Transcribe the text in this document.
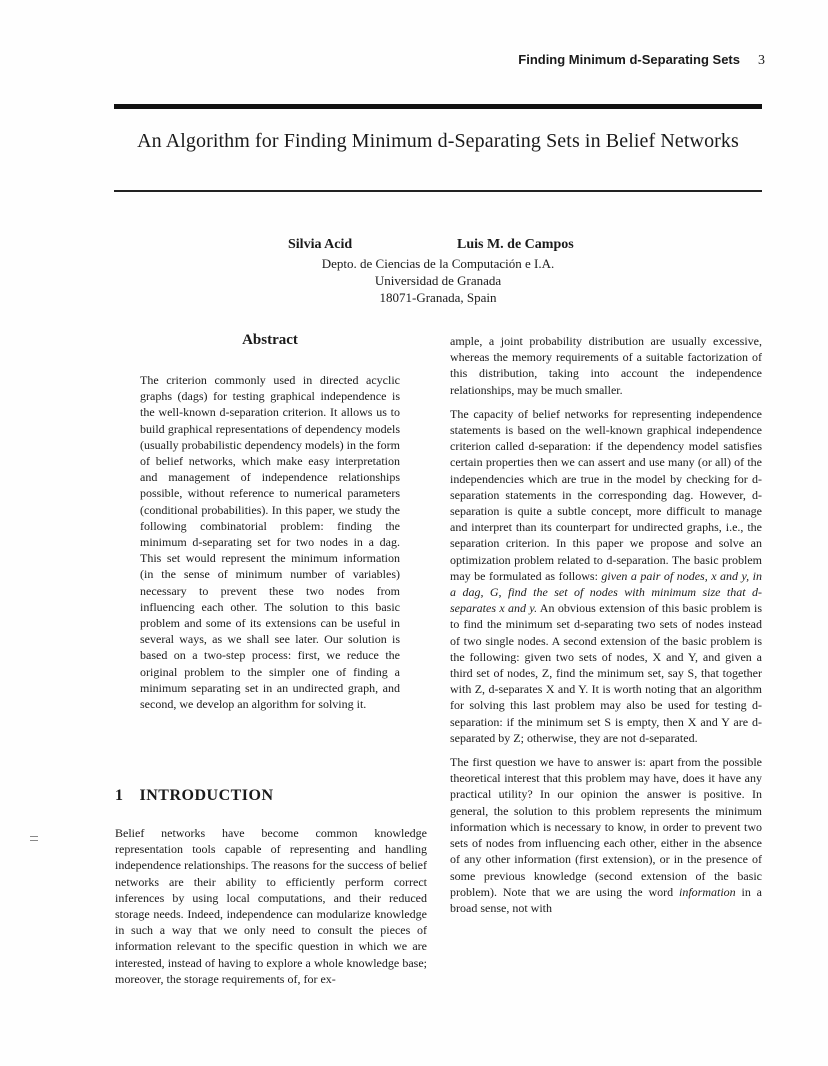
Finding Minimum d-Separating Sets 3
An Algorithm for Finding Minimum d-Separating Sets in Belief Networks
Silvia Acid	Luis M. de Campos
Depto. de Ciencias de la Computación e I.A.
Universidad de Granada
18071-Granada, Spain
Abstract
The criterion commonly used in directed acyclic graphs (dags) for testing graphical independence is the well-known d-separation criterion. It allows us to build graphical representations of dependency models (usually probabilistic dependency models) in the form of belief networks, which make easy interpretation and management of independence relationships possible, without reference to numerical parameters (conditional probabilities). In this paper, we study the following combinatorial problem: finding the minimum d-separating set for two nodes in a dag. This set would represent the minimum information (in the sense of minimum number of variables) necessary to prevent these two nodes from influencing each other. The solution to this basic problem and some of its extensions can be useful in several ways, as we shall see later. Our solution is based on a two-step process: first, we reduce the original problem to the simpler one of finding a minimum separating set in an undirected graph, and second, we develop an algorithm for solving it.
1 INTRODUCTION
Belief networks have become common knowledge representation tools capable of representing and handling independence relationships. The reasons for the success of belief networks are their ability to efficiently perform correct inferences by using local computations, and their reduced storage needs. Indeed, independence can modularize knowledge in such a way that we only need to consult the pieces of information relevant to the specific question in which we are interested, instead of having to explore a whole knowledge base; moreover, the storage requirements of, for ex-

ample, a joint probability distribution are usually excessive, whereas the memory requirements of a suitable factorization of this distribution, taking into account the independence relationships, may be much smaller.

The capacity of belief networks for representing independence statements is based on the well-known graphical independence criterion called d-separation: if the dependency model satisfies certain properties then we can assert and use many (or all) of the independencies which are true in the model by checking for d-separation statements in the corresponding dag. However, d-separation is quite a subtle concept, more difficult to manage and interpret than its counterpart for undirected graphs, i.e., the separation criterion. In this paper we propose and solve an optimization problem related to d-separation. The basic problem may be formulated as follows: given a pair of nodes, x and y, in a dag, G, find the set of nodes with minimum size that d-separates x and y. An obvious extension of this basic problem is to find the minimum set d-separating two sets of nodes instead of two single nodes. A second extension of the basic problem is the following: given two sets of nodes, X and Y, and given a third set of nodes, Z, find the minimum set, say S, that together with Z, d-separates X and Y. It is worth noting that an algorithm for solving this last problem may also be used for testing d-separation: if the minimum set S is empty, then X and Y are d-separated by Z; otherwise, they are not d-separated.

The first question we have to answer is: apart from the possible theoretical interest that this problem may have, does it have any practical utility? In our opinion the answer is positive. In general, the solution to this problem represents the minimum information which is necessary to know, in order to prevent two sets of nodes from influencing each other, either in the absence of any other information (first extension), or in the presence of some previous knowledge (second extension of the basic problem). Note that we are using the word information in a broad sense, not with
